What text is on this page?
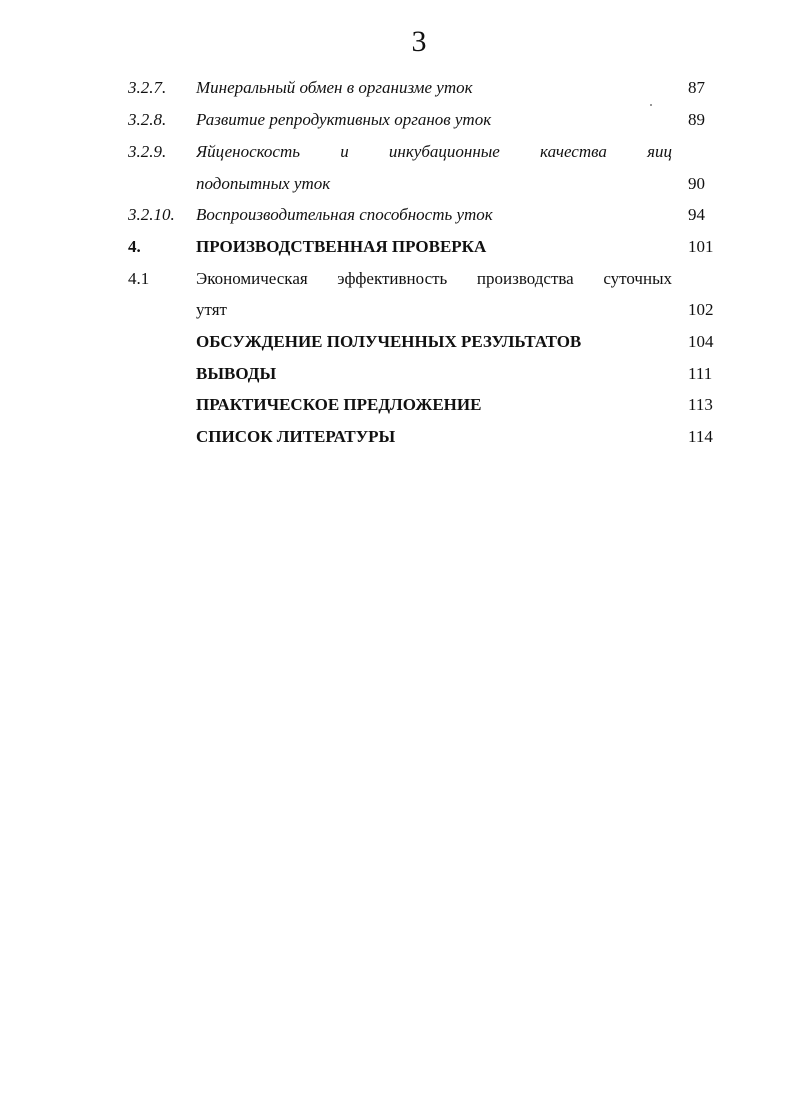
3
3.2.7. Минеральный обмен в организме уток	87
3.2.8. Развитие репродуктивных органов уток	89
3.2.9. Яйценоскость и инкубационные качества яиц
подопытных уток	90
3.2.10. Воспроизводительная способность уток	94
4.	ПРОИЗВОДСТВЕННАЯ ПРОВЕРКА	101
4.1	Экономическая эффективность производства суточных
утят	102
ОБСУЖДЕНИЕ ПОЛУЧЕННЫХ РЕЗУЛЬТАТОВ	104
ВЫВОДЫ	111
ПРАКТИЧЕСКОЕ ПРЕДЛОЖЕНИЕ	113
СПИСОК ЛИТЕРАТУРЫ	114
